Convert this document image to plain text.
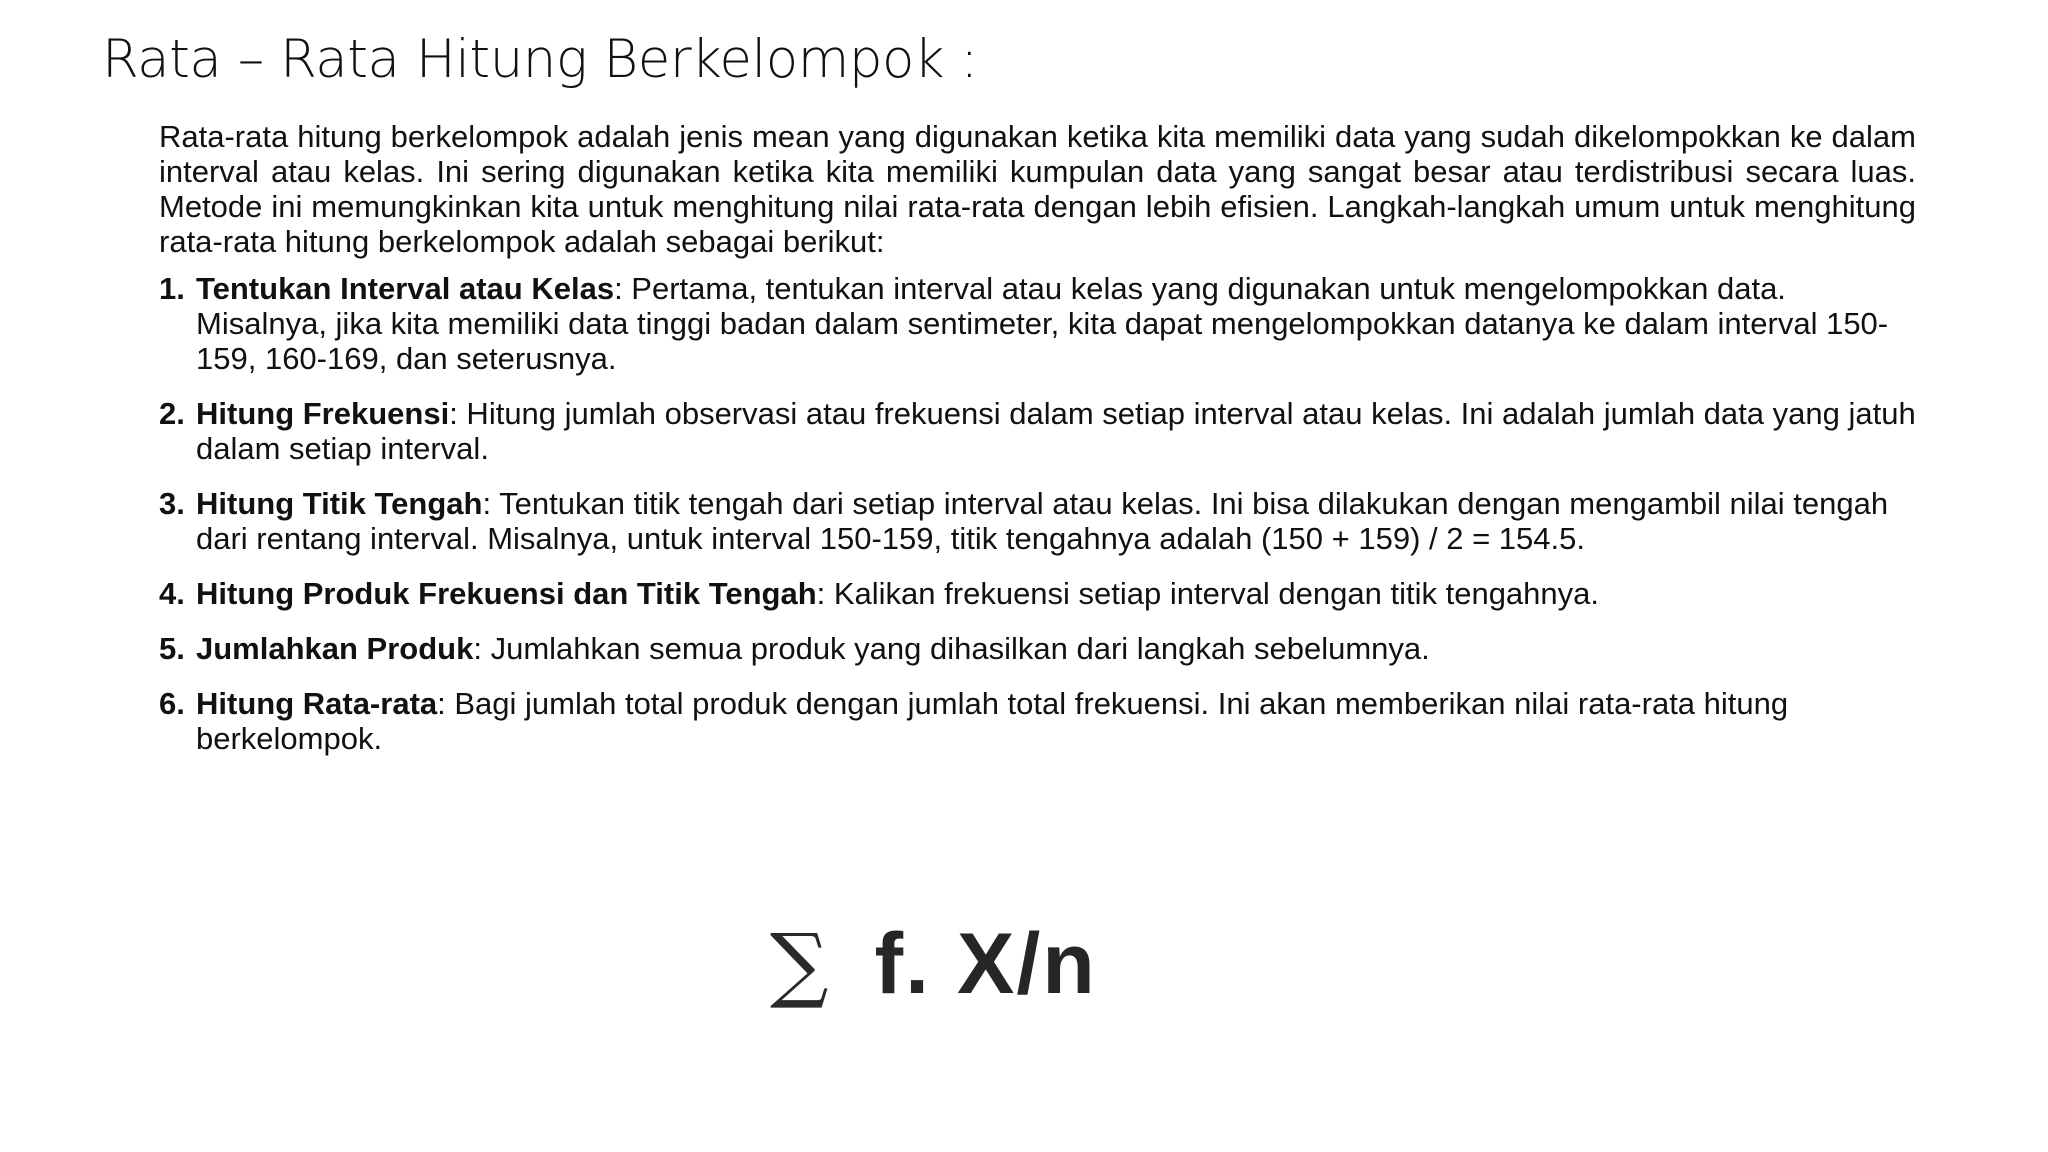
Rata – Rata Hitung Berkelompok :

Rata-rata hitung berkelompok adalah jenis mean yang digunakan ketika kita memiliki data yang sudah dikelompokkan ke dalam interval atau kelas. Ini sering digunakan ketika kita memiliki kumpulan data yang sangat besar atau terdistribusi secara luas. Metode ini memungkinkan kita untuk menghitung nilai rata-rata dengan lebih efisien. Langkah-langkah umum untuk menghitung rata-rata hitung berkelompok adalah sebagai berikut:

1. Tentukan Interval atau Kelas: Pertama, tentukan interval atau kelas yang digunakan untuk mengelompokkan data. Misalnya, jika kita memiliki data tinggi badan dalam sentimeter, kita dapat mengelompokkan datanya ke dalam interval 150-159, 160-169, dan seterusnya.
2. Hitung Frekuensi: Hitung jumlah observasi atau frekuensi dalam setiap interval atau kelas. Ini adalah jumlah data yang jatuh dalam setiap interval.
3. Hitung Titik Tengah: Tentukan titik tengah dari setiap interval atau kelas. Ini bisa dilakukan dengan mengambil nilai tengah dari rentang interval. Misalnya, untuk interval 150-159, titik tengahnya adalah (150 + 159) / 2 = 154.5.
4. Hitung Produk Frekuensi dan Titik Tengah: Kalikan frekuensi setiap interval dengan titik tengahnya.
5. Jumlahkan Produk: Jumlahkan semua produk yang dihasilkan dari langkah sebelumnya.
6. Hitung Rata-rata: Bagi jumlah total produk dengan jumlah total frekuensi. Ini akan memberikan nilai rata-rata hitung berkelompok.
∑ f. X/n
